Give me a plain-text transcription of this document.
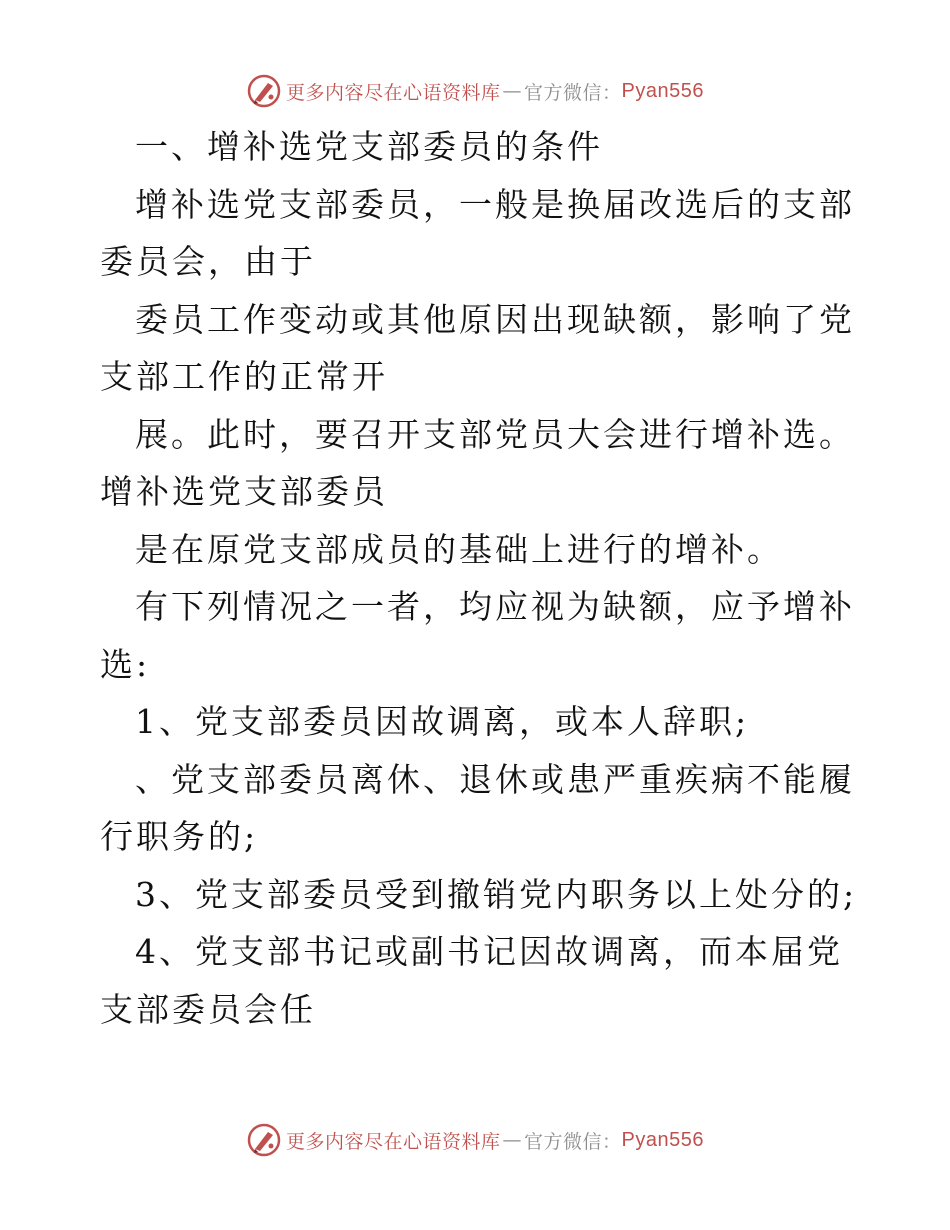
更多内容尽在心语资料库 — 官方微信： Pyan556

一、增补选党支部委员的条件

增补选党支部委员，一般是换届改选后的支部委员会，由于

委员工作变动或其他原因出现缺额，影响了党支部工作的正常开

展。此时，要召开支部党员大会进行增补选。增补选党支部委员

是在原党支部成员的基础上进行的增补。

有下列情况之一者，均应视为缺额，应予增补选:

1、党支部委员因故调离，或本人辞职;

、党支部委员离休、退休或患严重疾病不能履行职务的;

3、党支部委员受到撤销党内职务以上处分的;

4、党支部书记或副书记因故调离，而本届党支部委员会任

更多内容尽在心语资料库 — 官方微信： Pyan556
